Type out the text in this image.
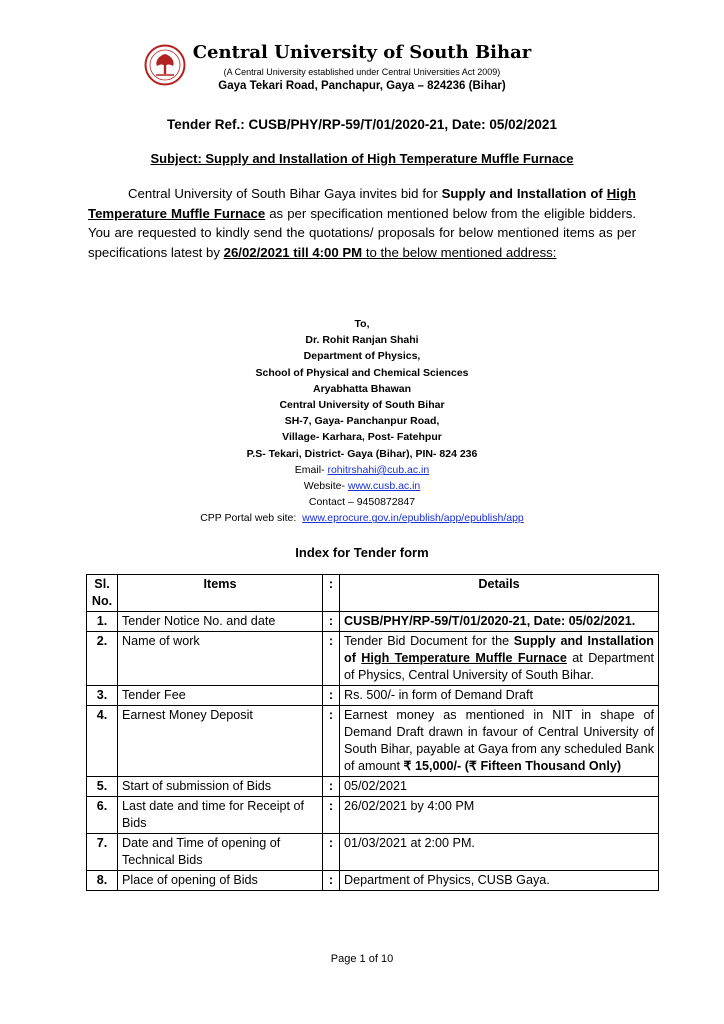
Central University of South Bihar
(A Central University established under Central Universities Act 2009)
Gaya Tekari Road, Panchapur, Gaya – 824236 (Bihar)
Tender Ref.: CUSB/PHY/RP-59/T/01/2020-21, Date: 05/02/2021
Subject: Supply and Installation of High Temperature Muffle Furnace
Central University of South Bihar Gaya invites bid for Supply and Installation of High Temperature Muffle Furnace as per specification mentioned below from the eligible bidders. You are requested to kindly send the quotations/ proposals for below mentioned items as per specifications latest by 26/02/2021 till 4:00 PM to the below mentioned address:
To,
Dr. Rohit Ranjan Shahi
Department of Physics,
School of Physical and Chemical Sciences
Aryabhatta Bhawan
Central University of South Bihar
SH-7, Gaya- Panchanpur Road,
Village- Karhara, Post- Fatehpur
P.S- Tekari, District- Gaya (Bihar), PIN- 824 236
Email- rohitrshahi@cub.ac.in
Website- www.cusb.ac.in
Contact – 9450872847
CPP Portal web site:  www.eprocure.gov.in/epublish/app/epublish/app
Index for Tender form
Sl. No.	Items	:	Details
1.	Tender Notice No. and date	:	CUSB/PHY/RP-59/T/01/2020-21, Date: 05/02/2021.
2.	Name of work	:	Tender Bid Document for the Supply and Installation of High Temperature Muffle Furnace at Department of Physics, Central University of South Bihar.
3.	Tender Fee	:	Rs. 500/- in form of Demand Draft
4.	Earnest Money Deposit	:	Earnest money as mentioned in NIT in shape of Demand Draft drawn in favour of Central University of South Bihar, payable at Gaya from any scheduled Bank of amount ₹ 15,000/- (₹ Fifteen Thousand Only)
5.	Start of submission of Bids	:	05/02/2021
6.	Last date and time for Receipt of Bids	:	26/02/2021 by 4:00 PM
7.	Date and Time of opening of Technical Bids	:	01/03/2021 at 2:00 PM.
8.	Place of opening of Bids	:	Department of Physics, CUSB Gaya.
Page 1 of 10
